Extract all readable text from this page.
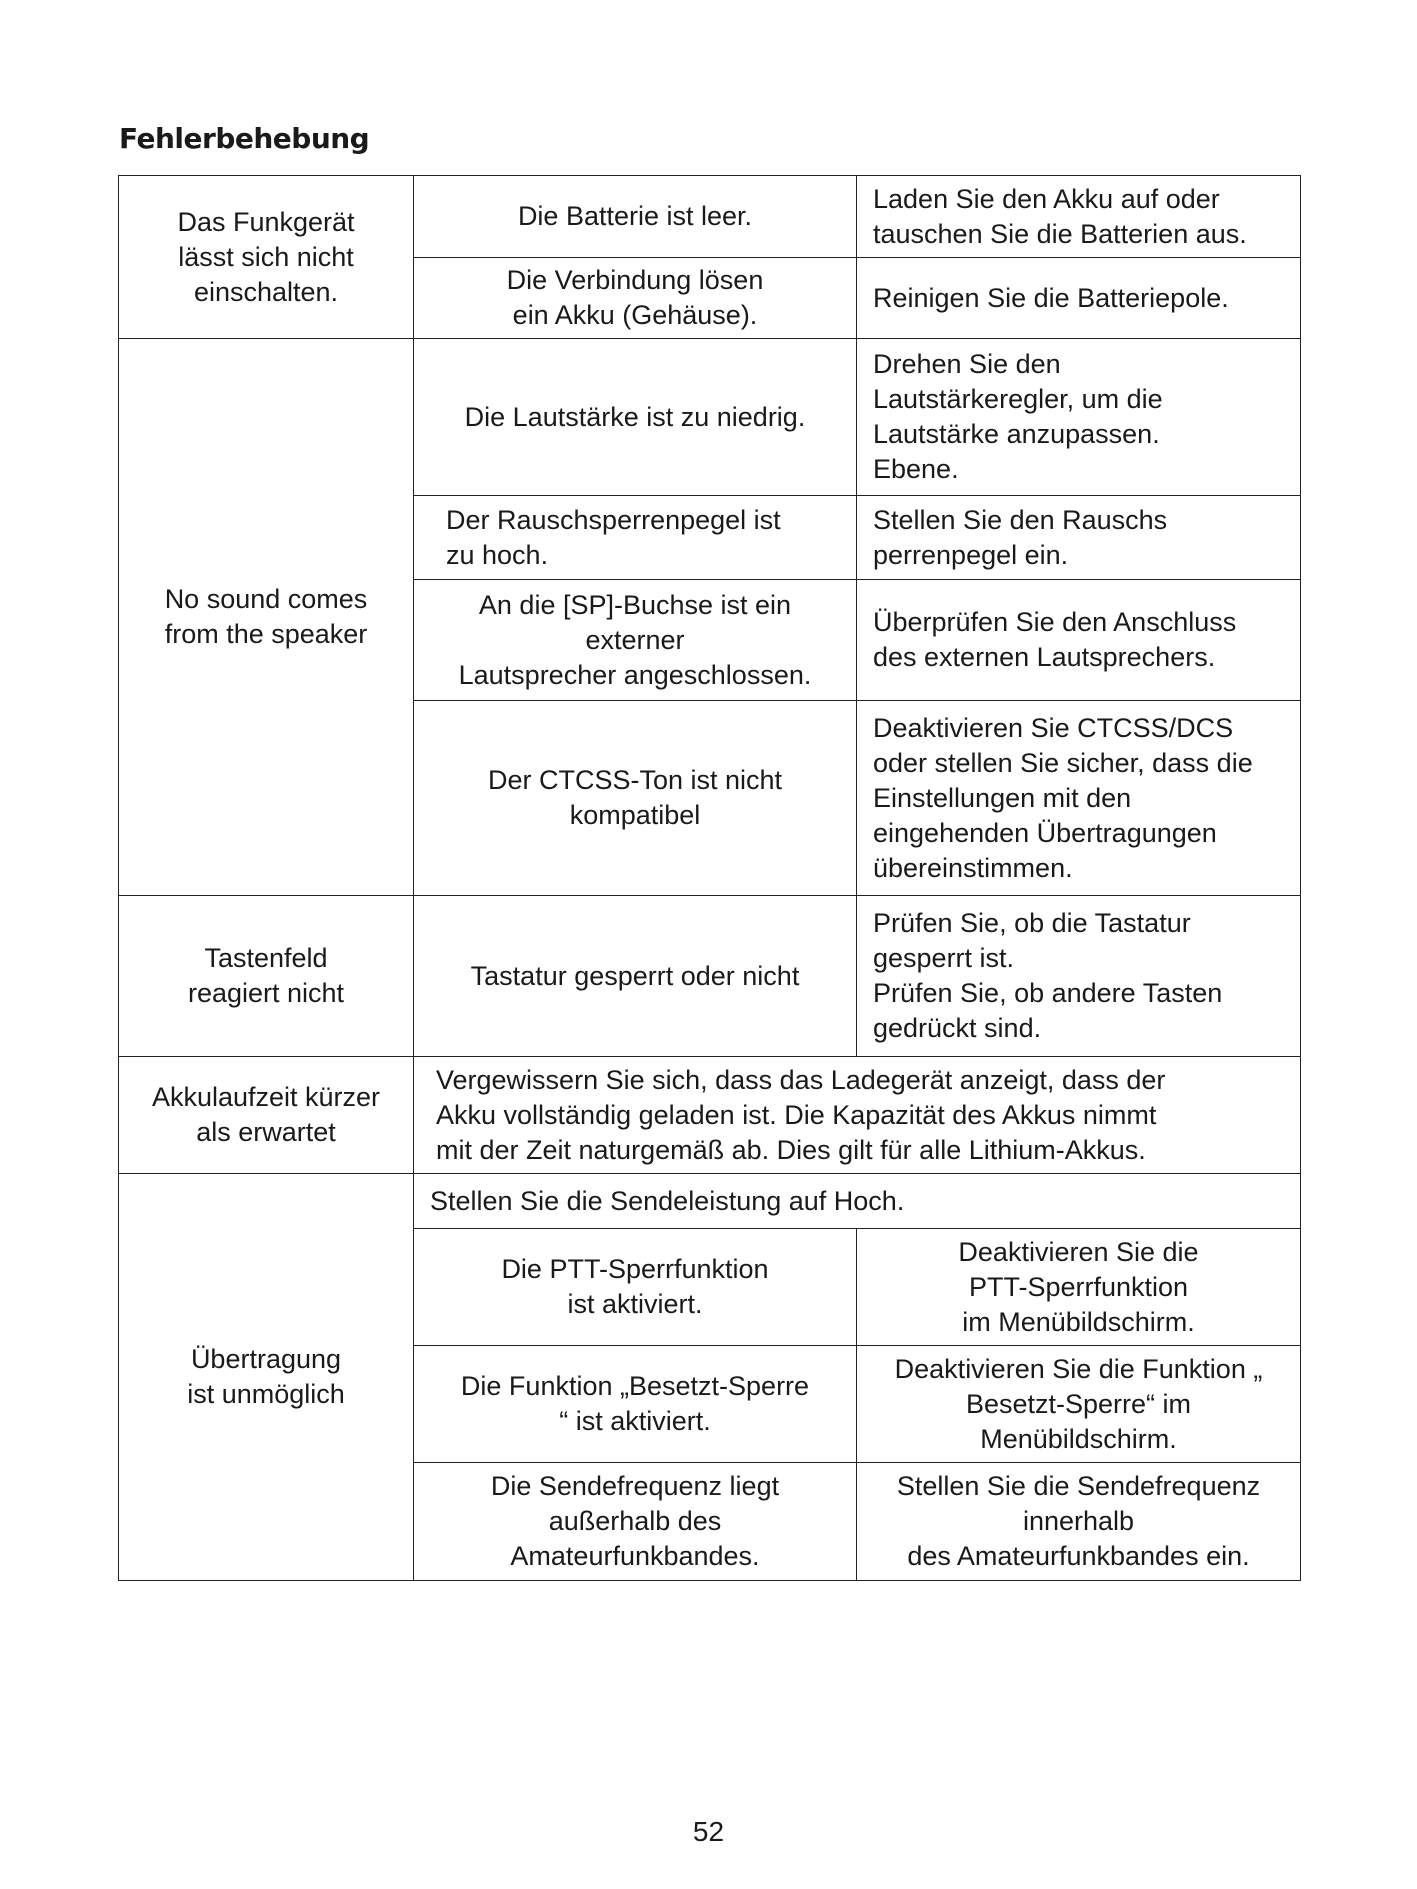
Fehlerbehebung
Das Funkgerät
lässt sich nicht
einschalten.	Die Batterie ist leer.	Laden Sie den Akku auf oder
tauschen Sie die Batterien aus.

	Die Verbindung lösen
ein Akku (Gehäuse).	Reinigen Sie die Batteriepole.

No sound comes
from the speaker	Die Lautstärke ist zu niedrig.	Drehen Sie den
Lautstärkeregler, um die
Lautstärke anzupassen.
Ebene.

	Der Rauschsperrenpegel ist
zu hoch.	Stellen Sie den Rauschs
perrenpegel ein.

	An die [SP]-Buchse ist ein
externer
Lautsprecher angeschlossen.	Überprüfen Sie den Anschluss
des externen Lautsprechers.

	Der CTCSS-Ton ist nicht
kompatibel	Deaktivieren Sie CTCSS/DCS
oder stellen Sie sicher, dass die
Einstellungen mit den
eingehenden Übertragungen
übereinstimmen.

Tastenfeld
reagiert nicht	Tastatur gesperrt oder nicht	Prüfen Sie, ob die Tastatur
gesperrt ist.
Prüfen Sie, ob andere Tasten
gedrückt sind.

Akkulaufzeit kürzer
als erwartet	Vergewissern Sie sich, dass das Ladegerät anzeigt, dass der
Akku vollständig geladen ist. Die Kapazität des Akkus nimmt
mit der Zeit naturgemäß ab. Dies gilt für alle Lithium-Akkus.	

Übertragung
ist unmöglich	Stellen Sie die Sendeleistung auf Hoch.	

	Die PTT-Sperrfunktion
ist aktiviert.	Deaktivieren Sie die
PTT-Sperrfunktion
im Menübildschirm.

	Die Funktion „Besetzt-Sperre
“ ist aktiviert.	Deaktivieren Sie die Funktion „
Besetzt-Sperre“ im
Menübildschirm.

	Die Sendefrequenz liegt
außerhalb des
Amateurfunkbandes.	Stellen Sie die Sendefrequenz
innerhalb
des Amateurfunkbandes ein.
52
